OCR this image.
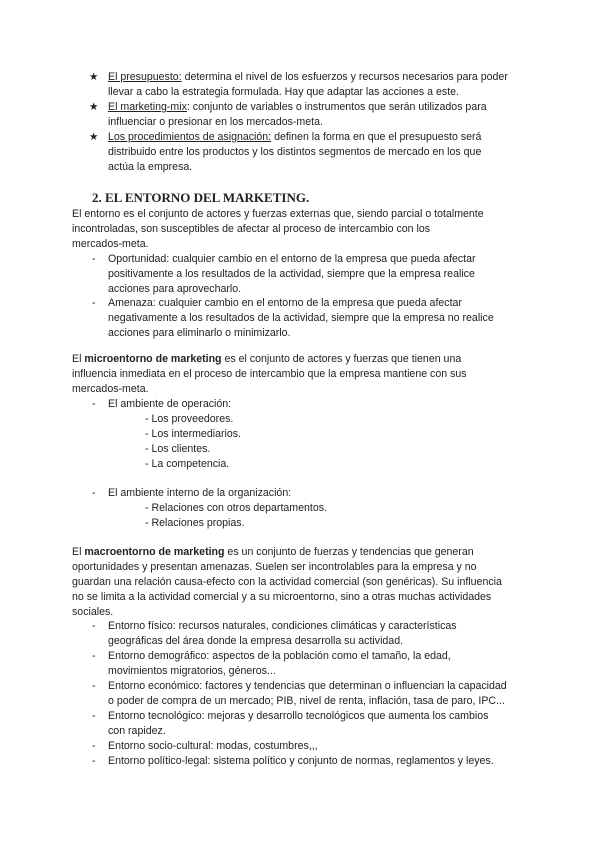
★ El presupuesto: determina el nivel de los esfuerzos y recursos necesarios para poder
llevar a cabo la estrategia formulada. Hay que adaptar las acciones a este.
★ El marketing-mix: conjunto de variables o instrumentos que serán utilizados para
influenciar o presionar en los mercados-meta.
★ Los procedimientos de asignación: definen la forma en que el presupuesto será
distribuido entre los productos y los distintos segmentos de mercado en los que
actúa la empresa.
2. EL ENTORNO DEL MARKETING.
El entorno es el conjunto de actores y fuerzas externas que, siendo parcial o totalmente
incontroladas, son susceptibles de afectar al proceso de intercambio con los
mercados-meta.
- Oportunidad: cualquier cambio en el entorno de la empresa que pueda afectar
positivamente a los resultados de la actividad, siempre que la empresa realice
acciones para aprovecharlo.
- Amenaza: cualquier cambio en el entorno de la empresa que pueda afectar
negativamente a los resultados de la actividad, siempre que la empresa no realice
acciones para eliminarlo o minimizarlo.
El microentorno de marketing es el conjunto de actores y fuerzas que tienen una
influencia inmediata en el proceso de intercambio que la empresa mantiene con sus
mercados-meta.
- El ambiente de operación:
- Los proveedores.
- Los intermediarios.
- Los clientes.
- La competencia.
- El ambiente interno de la organización:
- Relaciones con otros departamentos.
- Relaciones propias.
El macroentorno de marketing es un conjunto de fuerzas y tendencias que generan
oportunidades y presentan amenazas. Suelen ser incontrolables para la empresa y no
guardan una relación causa-efecto con la actividad comercial (son genéricas). Su influencia
no se limita a la actividad comercial y a su microentorno, sino a otras muchas actividades
sociales.
- Entorno físico: recursos naturales, condiciones climáticas y características
geográficas del área donde la empresa desarrolla su actividad.
- Entorno demográfico: aspectos de la población como el tamaño, la edad,
movimientos migratorios, géneros...
- Entorno económico: factores y tendencias que determinan o influencian la capacidad
o poder de compra de un mercado; PIB, nivel de renta, inflación, tasa de paro, IPC...
- Entorno tecnológico: mejoras y desarrollo tecnológicos que aumenta los cambios
con rapidez.
- Entorno socio-cultural: modas, costumbres,,,
- Entorno político-legal: sistema político y conjunto de normas, reglamentos y leyes.
